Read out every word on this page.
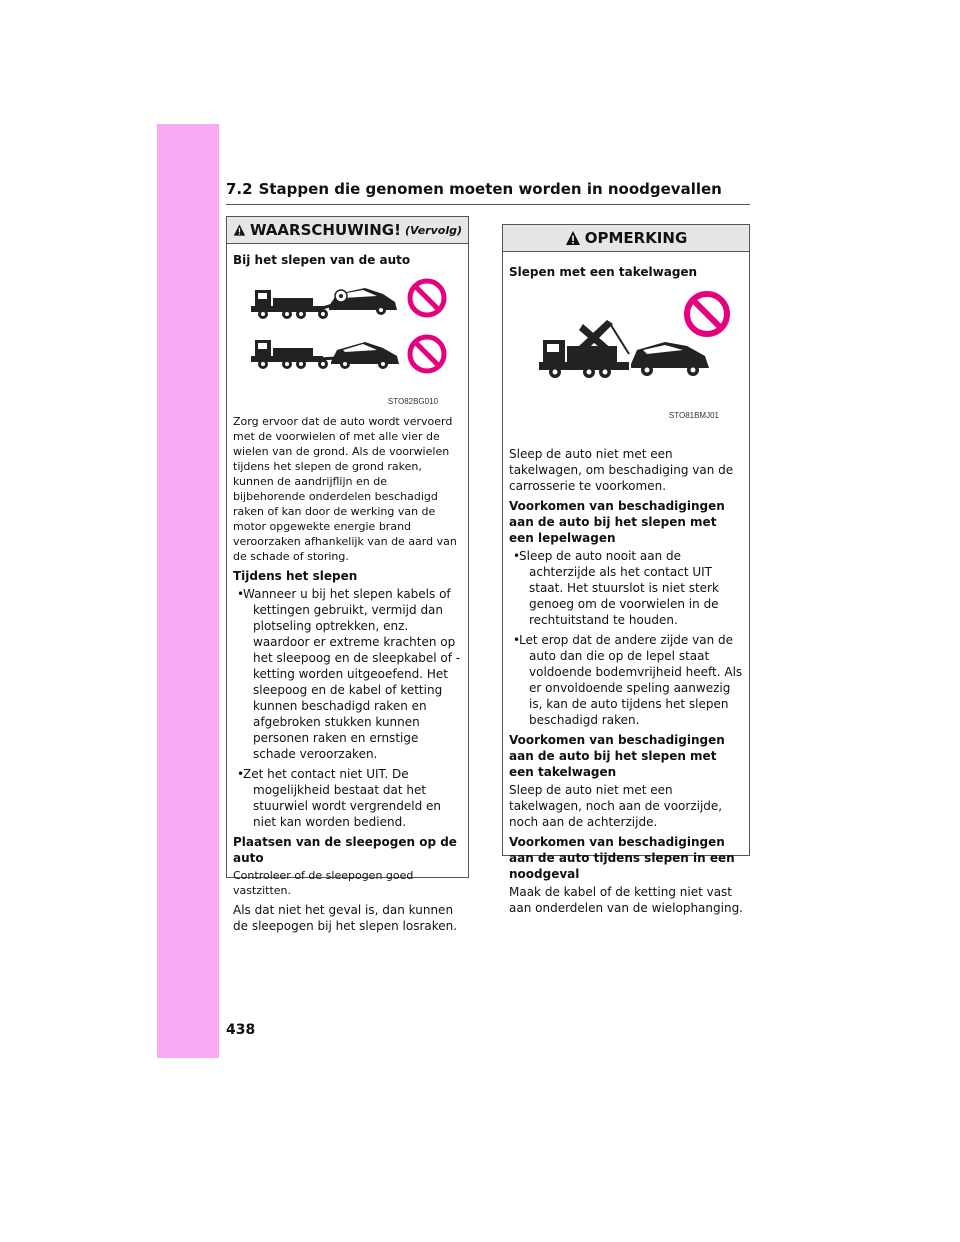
7.2 Stappen die genomen moeten worden in noodgevallen
WAARSCHUWING! (Vervolg)
Bij het slepen van de auto
STO82BG010

Zorg ervoor dat de auto wordt vervoerd met de voorwielen of met alle vier de wielen van de grond. Als de voorwielen tijdens het slepen de grond raken, kunnen de aandrijflijn en de bijbehorende onderdelen beschadigd raken of kan door de werking van de motor opgewekte energie brand veroorzaken afhankelijk van de aard van de schade of storing.

Tijdens het slepen
• Wanneer u bij het slepen kabels of kettingen gebruikt, vermijd dan plotseling optrekken, enz. waardoor er extreme krachten op het sleepoog en de sleepkabel of -ketting worden uitgeoefend. Het sleepoog en de kabel of ketting kunnen beschadigd raken en afgebroken stukken kunnen personen raken en ernstige schade veroorzaken.
• Zet het contact niet UIT. De mogelijkheid bestaat dat het stuurwiel wordt vergrendeld en niet kan worden bediend.
Plaatsen van de sleepogen op de auto

Controleer of de sleepogen goed vastzitten.

Als dat niet het geval is, dan kunnen de sleepogen bij het slepen losraken.

OPMERKING
Slepen met een takelwagen
STO81BMJ01

Sleep de auto niet met een takelwagen, om beschadiging van de carrosserie te voorkomen.

Voorkomen van beschadigingen aan de auto bij het slepen met een lepelwagen
• Sleep de auto nooit aan de achterzijde als het contact UIT staat. Het stuurslot is niet sterk genoeg om de voorwielen in de rechtuitstand te houden.
• Let erop dat de andere zijde van de auto dan die op de lepel staat voldoende bodemvrijheid heeft. Als er onvoldoende speling aanwezig is, kan de auto tijdens het slepen beschadigd raken.
Voorkomen van beschadigingen aan de auto bij het slepen met een takelwagen

Sleep de auto niet met een takelwagen, noch aan de voorzijde, noch aan de achterzijde.

Voorkomen van beschadigingen aan de auto tijdens slepen in een noodgeval

Maak de kabel of de ketting niet vast aan onderdelen van de wielophanging.

438
